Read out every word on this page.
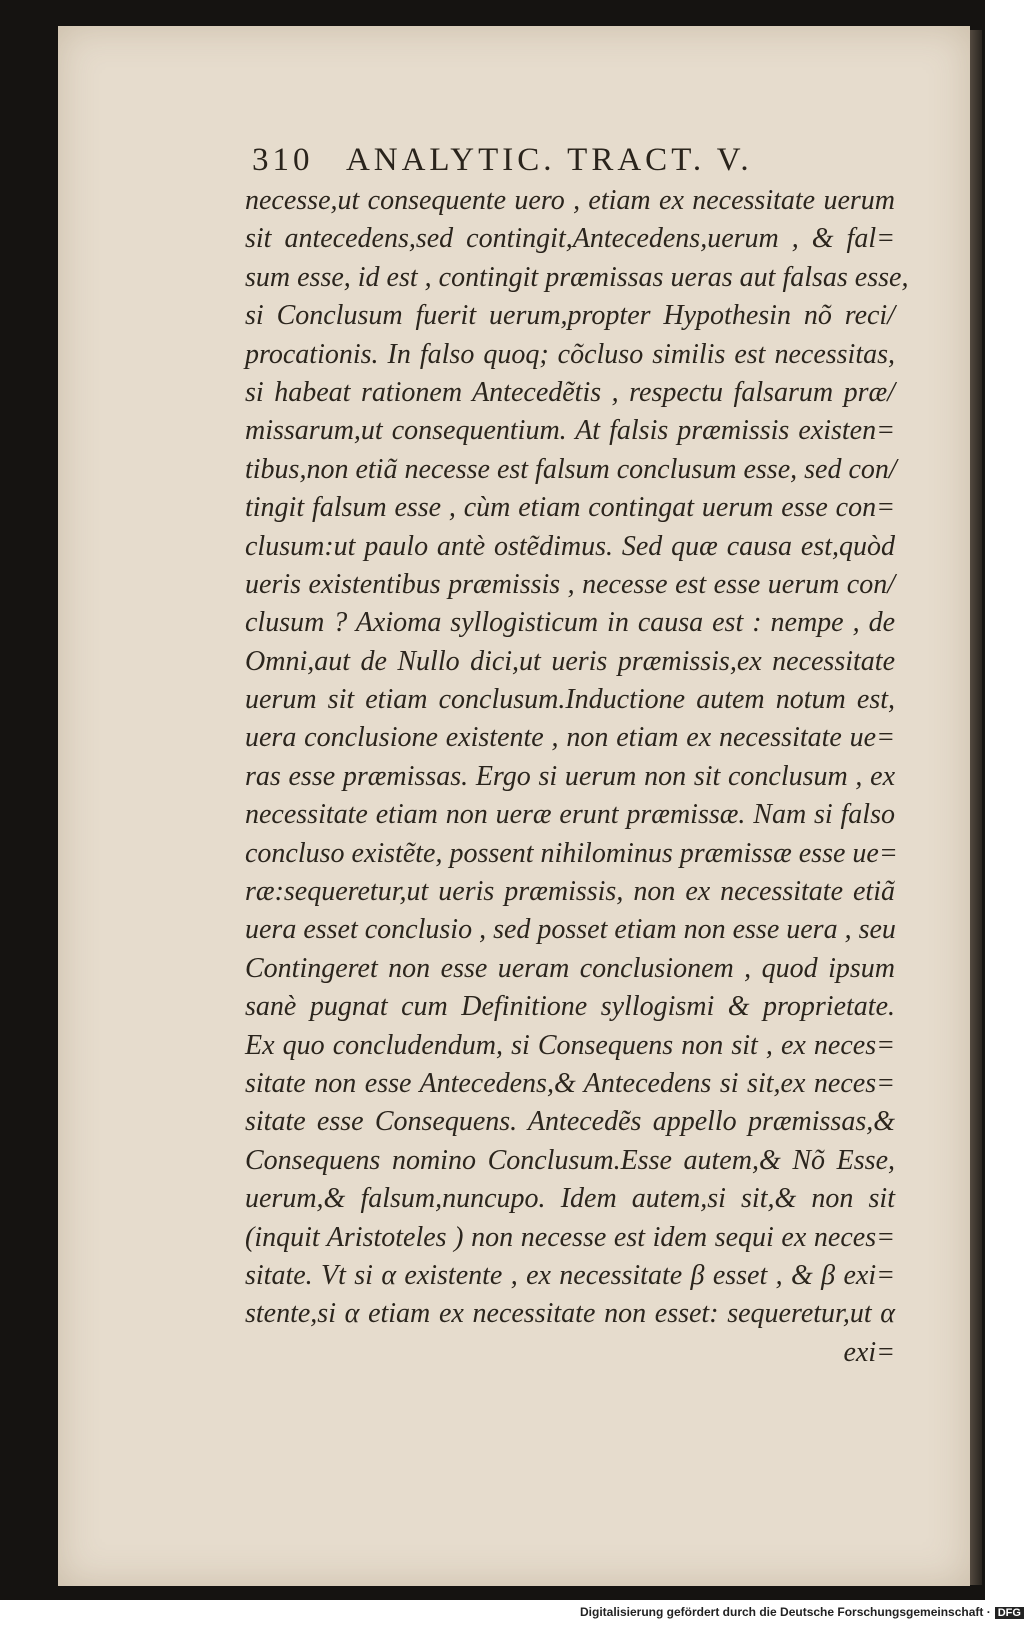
310 ANALYTIC. TRACT. V.
necesse,ut consequente uero , etiam ex necessitate uerum
sit antecedens,sed contingit,Antecedens,uerum , & fal=
sum esse, id est , contingit præmissas ueras aut falsas esse,
si Conclusum fuerit uerum,propter Hypothesin nõ reci/
procationis. In falso quoq; cõcluso similis est necessitas,
si habeat rationem Antecedẽtis , respectu falsarum præ/
missarum,ut consequentium. At falsis præmissis existen=
tibus,non etiã necesse est falsum conclusum esse, sed con/
tingit falsum esse , cùm etiam contingat uerum esse con=
clusum:ut paulo antè ostẽdimus. Sed quæ causa est,quòd
ueris existentibus præmissis , necesse est esse uerum con/
clusum ? Axioma syllogisticum in causa est : nempe , de
Omni,aut de Nullo dici,ut ueris præmissis,ex necessitate
uerum sit etiam conclusum.Inductione autem notum est,
uera conclusione existente , non etiam ex necessitate ue=
ras esse præmissas. Ergo si uerum non sit conclusum , ex
necessitate etiam non ueræ erunt præmissæ. Nam si falso
concluso existẽte, possent nihilominus præmissæ esse ue=
ræ:sequeretur,ut ueris præmissis, non ex necessitate etiã
uera esset conclusio , sed posset etiam non esse uera , seu
Contingeret non esse ueram conclusionem , quod ipsum
sanè pugnat cum Definitione syllogismi & proprietate.
Ex quo concludendum, si Consequens non sit , ex neces=
sitate non esse Antecedens,& Antecedens si sit,ex neces=
sitate esse Consequens. Antecedẽs appello præmissas,&
Consequens nomino Conclusum.Esse autem,& Nõ Esse,
uerum,& falsum,nuncupo. Idem autem,si sit,& non sit
(inquit Aristoteles ) non necesse est idem sequi ex neces=
sitate. Vt si α existente , ex necessitate β esset , & β exi=
stente,si α etiam ex necessitate non esset: sequeretur,ut α
exi=
Digitalisierung gefördert durch die Deutsche Forschungsgemeinschaft · DFG
